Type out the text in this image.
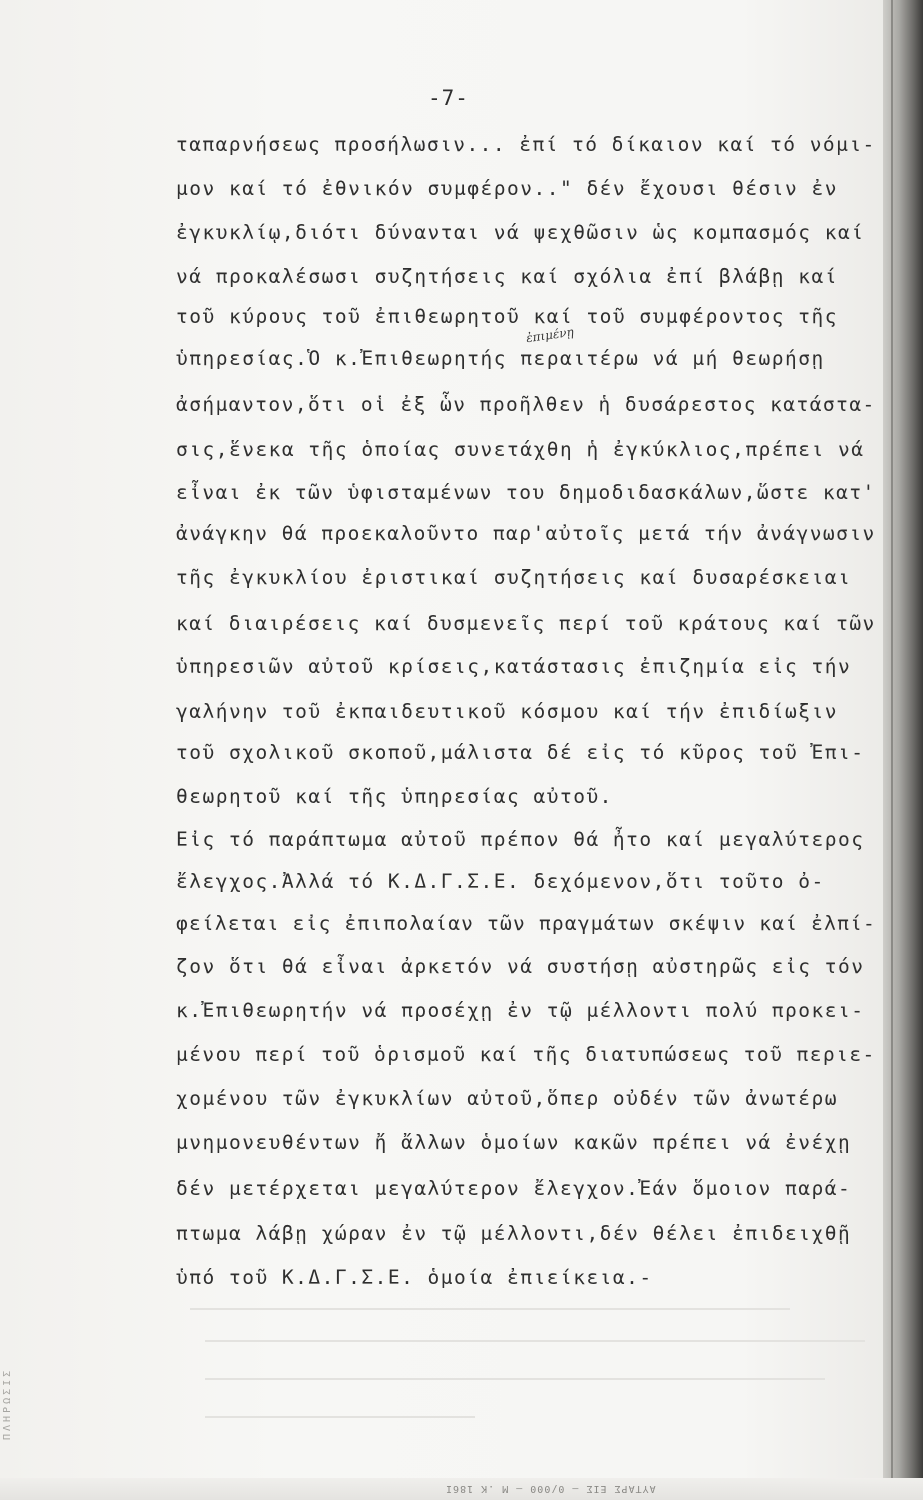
-7-
ταπαρνήσεως προσήλωσιν... ἐπί τό δίκαιον καί τό νόμι-
μον καί τό ἐθνικόν συμφέρον.." δέν ἔχουσι θέσιν ἐν
ἐγκυκλίῳ,διότι δύνανται νά ψεχθῶσιν ὡς κομπασμός καί
νά προκαλέσωσι συζητήσεις καί σχόλια ἐπί βλάβῃ καί
τοῦ κύρους τοῦ ἐπιθεωρητοῦ καί τοῦ συμφέροντος τῆς
ὑπηρεσίας.Ὁ κ.Ἐπιθεωρητής περαιτέρω νά μή θεωρήσῃ
ἀσήμαντον,ὅτι οἱ ἐξ ὧν προῆλθεν ἡ δυσάρεστος κατάστα-
σις,ἕνεκα τῆς ὁποίας συνετάχθη ἡ ἐγκύκλιος,πρέπει νά
εἶναι ἐκ τῶν ὑφισταμένων του δημοδιδασκάλων,ὥστε κατ'
ἀνάγκην θά προεκαλοῦντο παρ'αὐτοῖς μετά τήν ἀνάγνωσιν
τῆς ἐγκυκλίου ἐριστικαί συζητήσεις καί δυσαρέσκειαι
καί διαιρέσεις καί δυσμενεῖς περί τοῦ κράτους καί τῶν
ὑπηρεσιῶν αὐτοῦ κρίσεις,κατάστασις ἐπιζημία εἰς τήν
γαλήνην τοῦ ἐκπαιδευτικοῦ κόσμου καί τήν ἐπιδίωξιν
τοῦ σχολικοῦ σκοποῦ,μάλιστα δέ εἰς τό κῦρος τοῦ Ἐπι-
θεωρητοῦ καί τῆς ὑπηρεσίας αὐτοῦ.
Εἰς τό παράπτωμα αὐτοῦ πρέπον θά ἦτο καί μεγαλύτερος
ἔλεγχος.Ἀλλά τό Κ.Δ.Γ.Σ.Ε. δεχόμενον,ὅτι τοῦτο ὀ-
φείλεται εἰς ἐπιπολαίαν τῶν πραγμάτων σκέψιν καί ἐλπί-
ζον ὅτι θά εἶναι ἀρκετόν νά συστήσῃ αὐστηρῶς εἰς τόν
κ.Ἐπιθεωρητήν νά προσέχῃ ἐν τῷ μέλλοντι πολύ προκει-
μένου περί τοῦ ὁρισμοῦ καί τῆς διατυπώσεως τοῦ περιε-
χομένου τῶν ἐγκυκλίων αὐτοῦ,ὅπερ οὐδέν τῶν ἀνωτέρω
μνημονευθέντων ἤ ἄλλων ὁμοίων κακῶν πρέπει νά ἐνέχῃ
δέν μετέρχεται μεγαλύτερον ἔλεγχον.Ἐάν ὅμοιον παρά-
πτωμα λάβῃ χώραν ἐν τῷ μέλλοντι,δέν θέλει ἐπιδειχθῇ
ὑπό τοῦ Κ.Δ.Γ.Σ.Ε. ὁμοία ἐπιείκεια.-
ἐπιμένῃ
ΠΛΗΡΩΣΙΣ
ΑΥΤΑΡΣ ΕΙΣ — 0/000 — Μ .Κ 186Ι
